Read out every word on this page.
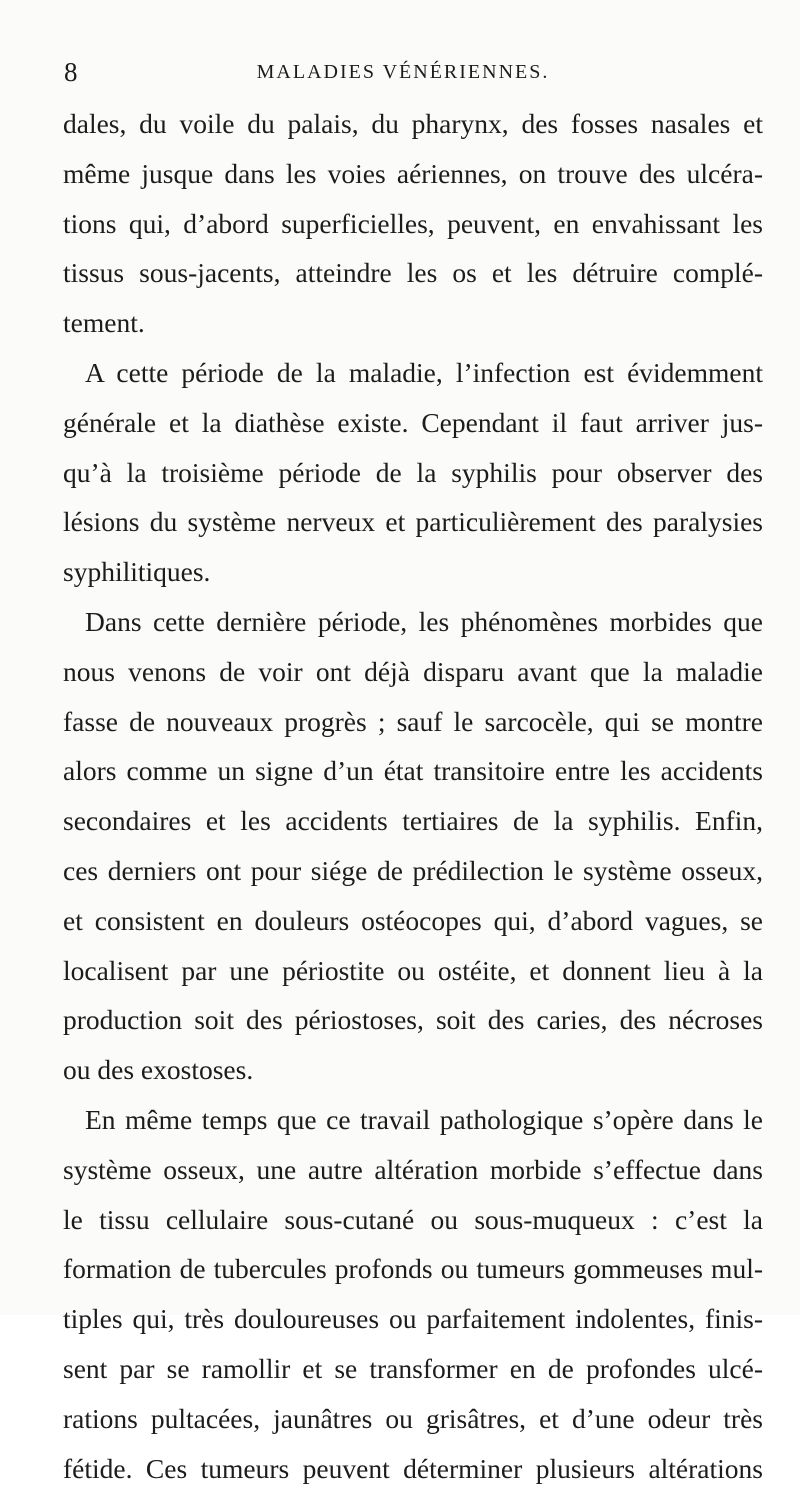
8	MALADIES VÉNÉRIENNES.
dales, du voile du palais, du pharynx, des fosses nasales et
même jusque dans les voies aériennes, on trouve des ulcéra-
tions qui, d’abord superficielles, peuvent, en envahissant les
tissus sous-jacents, atteindre les os et les détruire complé-
tement.
A cette période de la maladie, l’infection est évidemment
générale et la diathèse existe. Cependant il faut arriver jus-
qu’à la troisième période de la syphilis pour observer des
lésions du système nerveux et particulièrement des paralysies
syphilitiques.
Dans cette dernière période, les phénomènes morbides que
nous venons de voir ont déjà disparu avant que la maladie
fasse de nouveaux progrès ; sauf le sarcocèle, qui se montre
alors comme un signe d’un état transitoire entre les accidents
secondaires et les accidents tertiaires de la syphilis. Enfin,
ces derniers ont pour siége de prédilection le système osseux,
et consistent en douleurs ostéocopes qui, d’abord vagues, se
localisent par une périostite ou ostéite, et donnent lieu à la
production soit des périostoses, soit des caries, des nécroses
ou des exostoses.
En même temps que ce travail pathologique s’opère dans le
système osseux, une autre altération morbide s’effectue dans
le tissu cellulaire sous-cutané ou sous-muqueux : c’est la
formation de tubercules profonds ou tumeurs gommeuses mul-
tiples qui, très douloureuses ou parfaitement indolentes, finis-
sent par se ramollir et se transformer en de profondes ulcé-
rations pultacées, jaunâtres ou grisâtres, et d’une odeur très
fétide. Ces tumeurs peuvent déterminer plusieurs altérations
